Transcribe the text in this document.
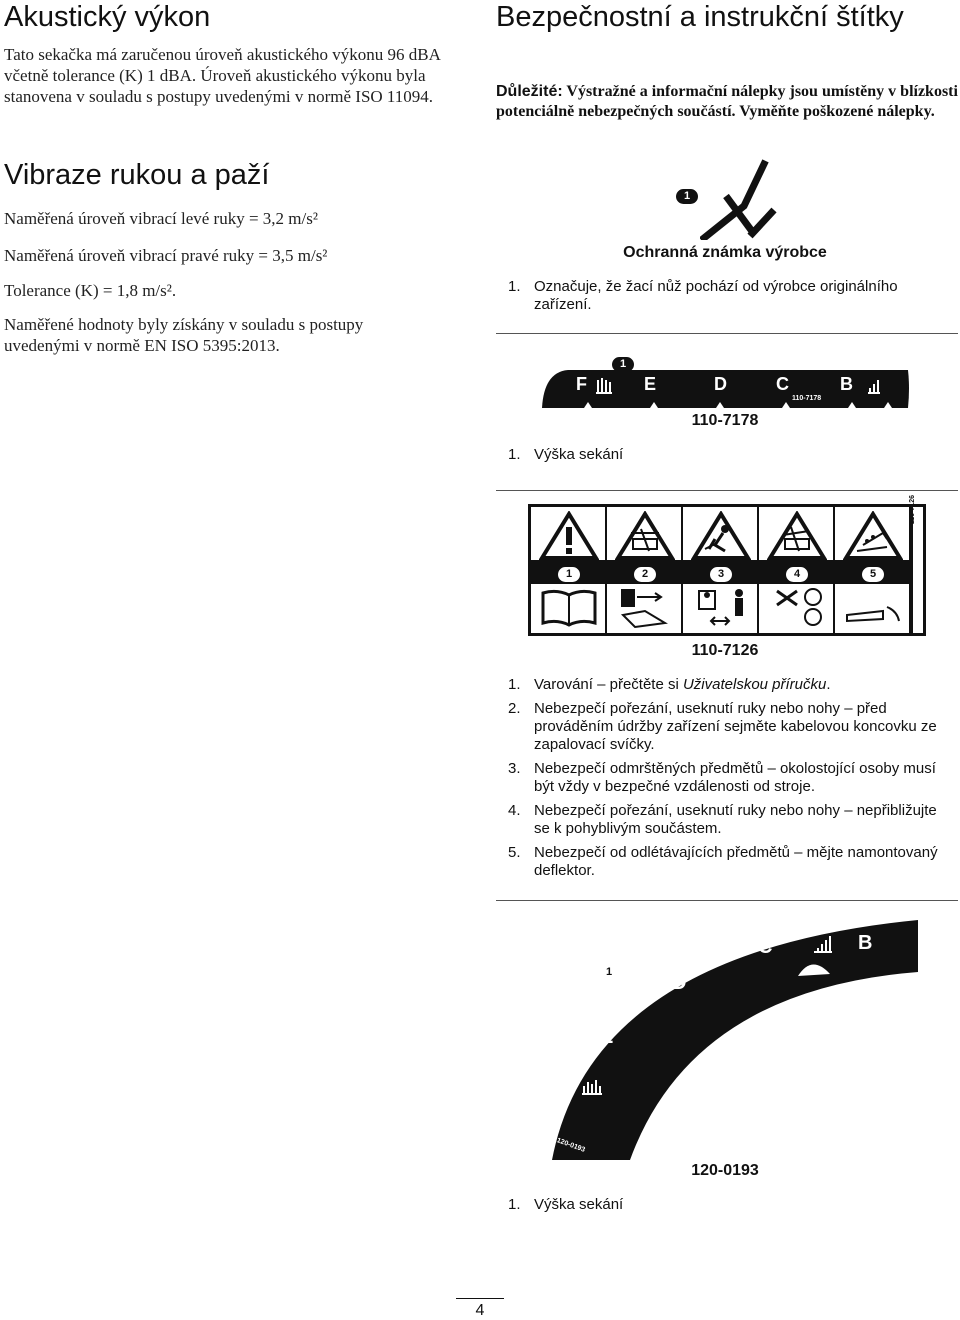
Akustický výkon

Tato sekačka má zaručenou úroveň akustického výkonu 96 dBA včetně tolerance (K) 1 dBA. Úroveň akustického výkonu byla stanovena v souladu s postupy uvedenými v normě ISO 11094.

Vibraze rukou a paží

Naměřená úroveň vibrací levé ruky = 3,2 m/s²

Naměřená úroveň vibrací pravé ruky = 3,5 m/s²

Tolerance (K) = 1,8 m/s².

Naměřené hodnoty byly získány v souladu s postupy uvedenými v normě EN ISO 5395:2013.

Bezpečnostní a instrukční štítky

Důležité: Výstražné a informační nálepky jsou umístěny v blízkosti potenciálně nebezpečných součástí. Vyměňte poškozené nálepky.

1
Ochranná známka výrobce
1. Označuje, že žací nůž pochází od výrobce originálního zařízení.
1
F	E	D	C	B
110-7178
110-7178
1. Výška sekání
110-7126
1	2	3	4	5
110-7126
1. Varování – přečtěte si Uživatelskou příručku.
2. Nebezpečí pořezání, useknutí ruky nebo nohy – před prováděním údržby zařízení sejměte kabelovou koncovku ze zapalovací svíčky.
3. Nebezpečí odmrštěných předmětů – okolostojící osoby musí být vždy v bezpečné vzdálenosti od stroje.
4. Nebezpečí pořezání, useknutí ruky nebo nohy – nepřibližujte se k pohyblivým součástem.
5. Nebezpečí od odlétávajících předmětů – mějte namontovaný deflektor.
1
F
E
D
C	B
120-0193
120-0193
1. Výška sekání
4
